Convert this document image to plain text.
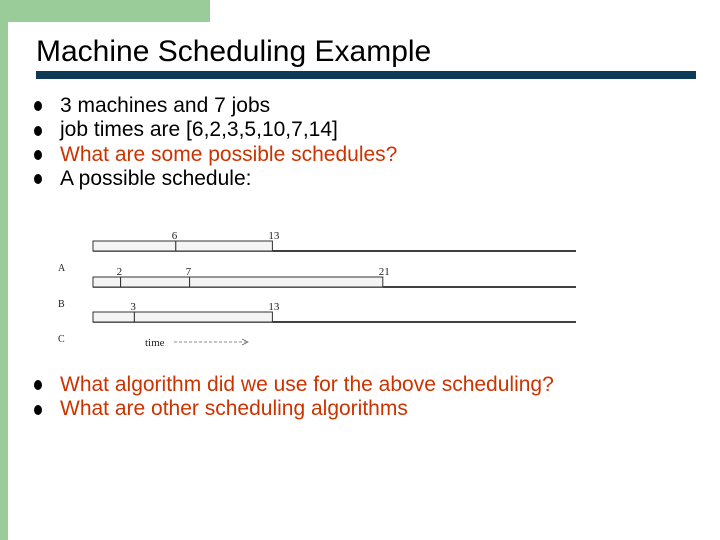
Machine Scheduling Example
3 machines and 7 jobs
job times are [6,2,3,5,10,7,14]
What are some possible schedules?
A possible schedule:
A
6	13
B
2	7	21
C
3	13
time
What algorithm did we use for the above scheduling?
What are other scheduling algorithms
